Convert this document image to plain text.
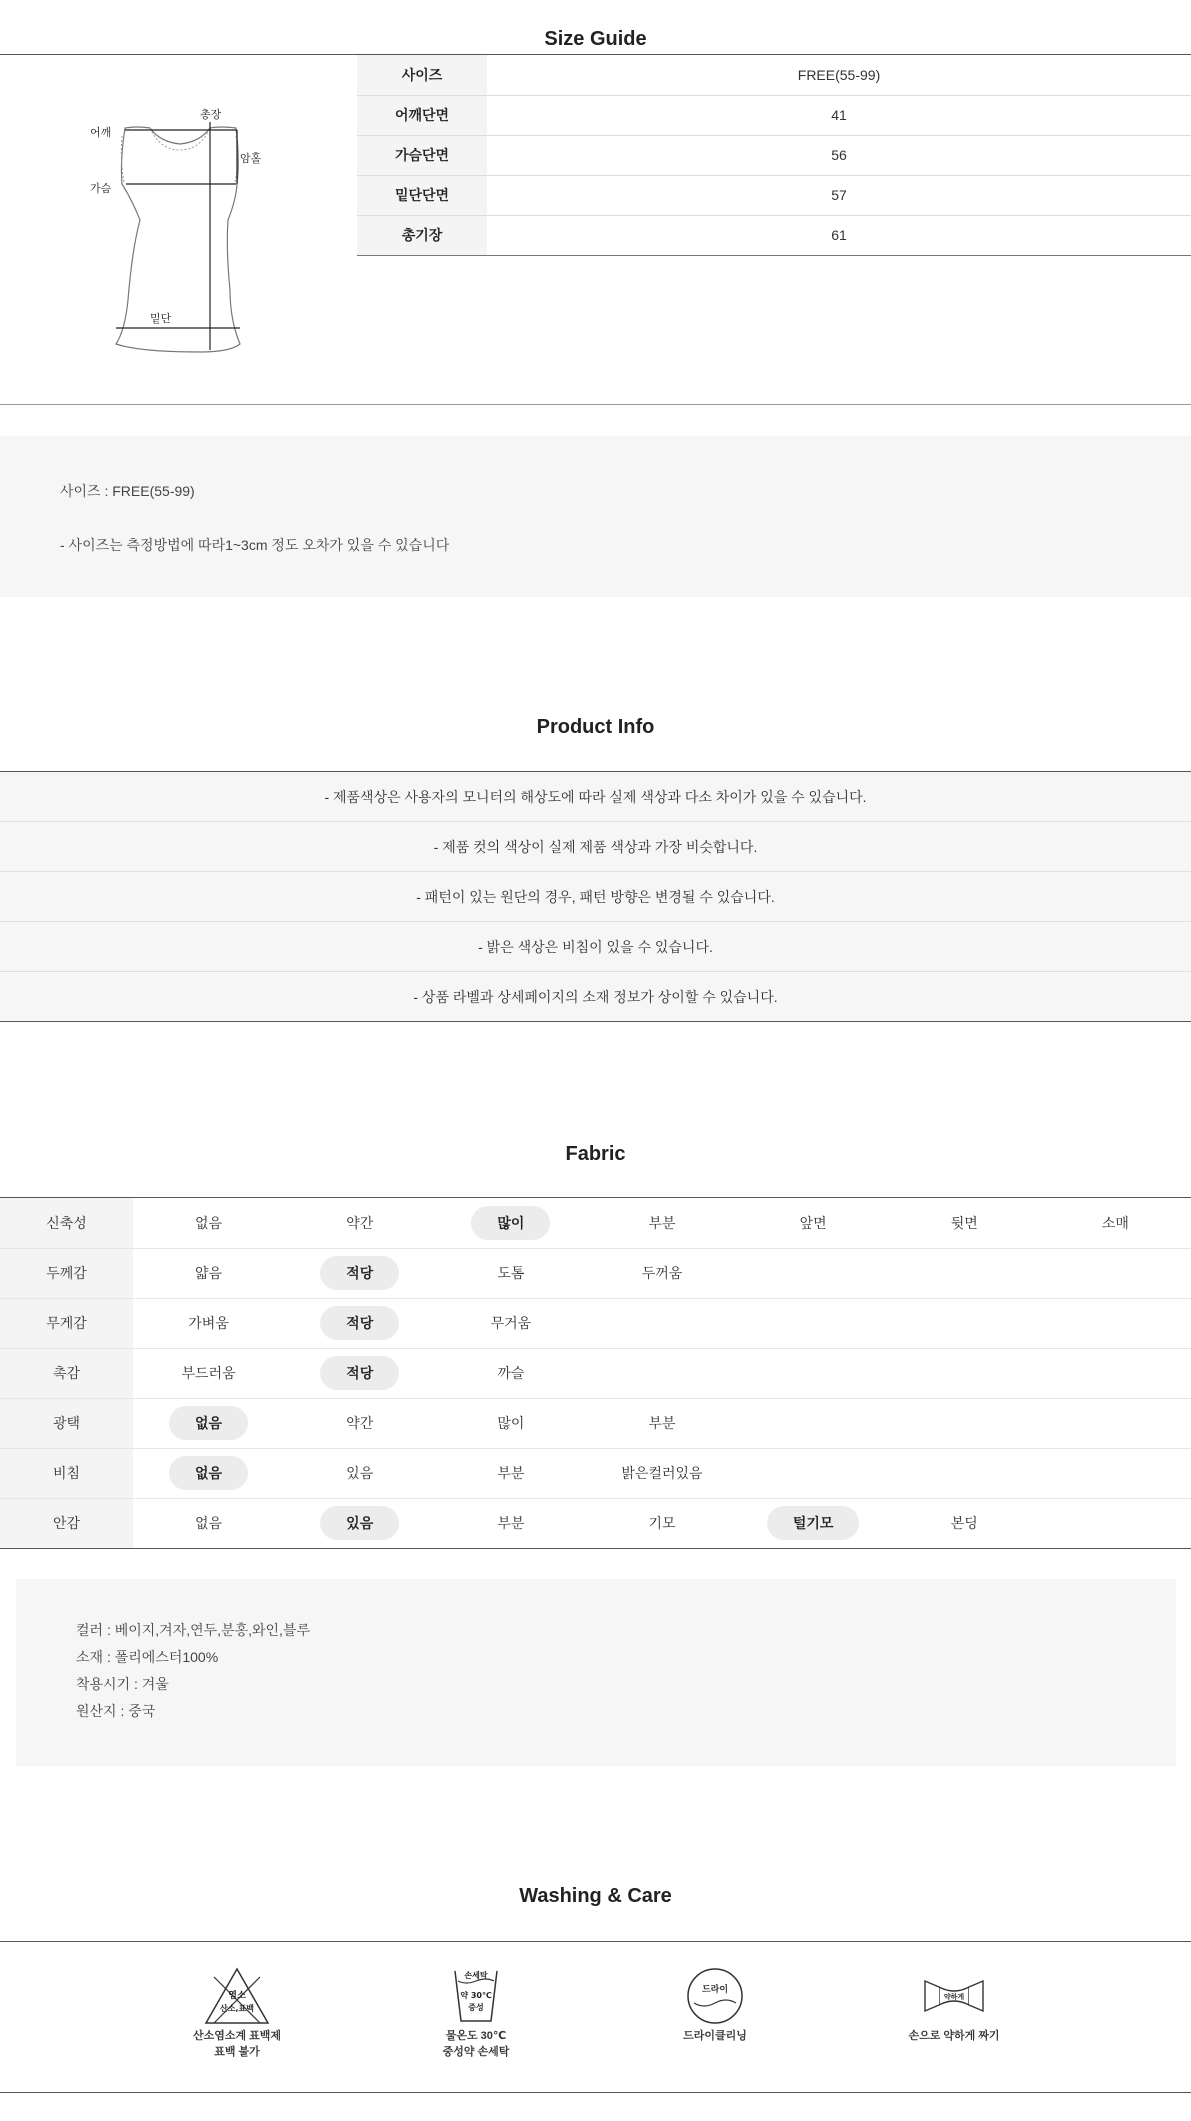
Size Guide
어깨
총장
암홀
가슴
밑단
사이즈	FREE(55-99)
어깨단면	41
가슴단면	56
밑단단면	57
총기장	61
사이즈 : FREE(55-99)
- 사이즈는 측정방법에 따라1~3cm 정도 오차가 있을 수 있습니다
Product Info
- 제품색상은 사용자의 모니터의 해상도에 따라 실제 색상과 다소 차이가 있을 수 있습니다.
- 제품 컷의 색상이 실제 제품 색상과 가장 비슷합니다.
- 패턴이 있는 원단의 경우, 패턴 방향은 변경될 수 있습니다.
- 밝은 색상은 비침이 있을 수 있습니다.
- 상품 라벨과 상세페이지의 소재 정보가 상이할 수 있습니다.
Fabric
신축성	없음	약간	많이	부분	앞면	뒷면	소매
두께감	얇음	적당	도톰	두꺼움			
무게감	가벼움	적당	무거움				
촉감	부드러움	적당	까슬				
광택	없음	약간	많이	부분			
비침	없음	있음	부분	밝은컬러있음			
안감	없음	있음	부분	기모	털기모	본딩	
컬러 : 베이지,겨자,연두,분홍,와인,블루
소재 : 폴리에스터100%
착용시기 : 겨울
원산지 : 중국
Washing & Care
염소
산소,표백
산소염소계 표백제
표백 불가
손세탁
약 30℃
중성
물온도 30℃
중성약 손세탁
드라이
드라이클리닝
약하게
손으로 약하게 짜기
